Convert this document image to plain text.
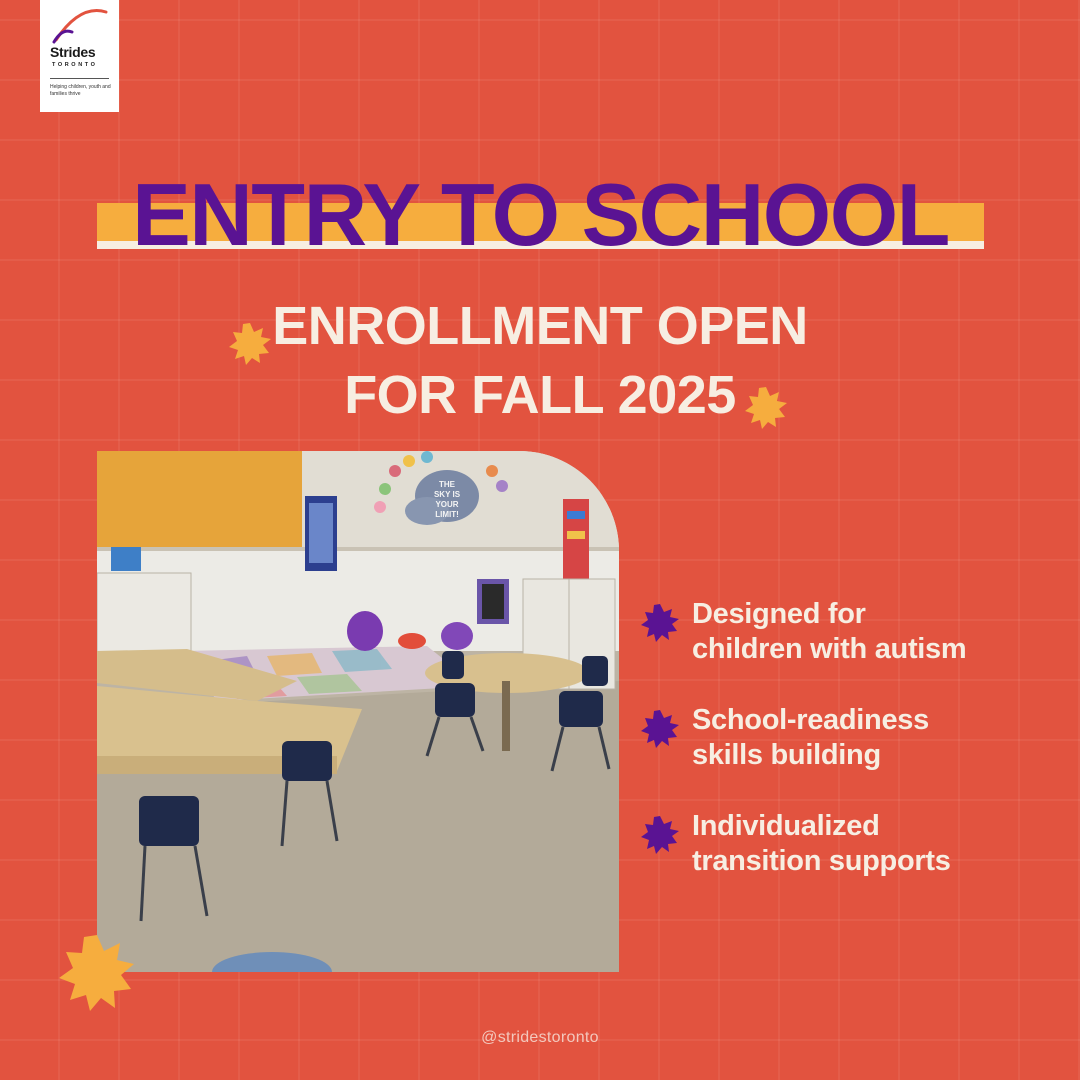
Strides
TORONTO
Helping children, youth and families thrive
ENTRY TO SCHOOL
ENROLLMENT OPEN
FOR FALL 2025
THE
SKY IS
YOUR
LIMIT!
Designed for
children with autism
School-readiness
skills building
Individualized
transition supports
@stridestoronto
